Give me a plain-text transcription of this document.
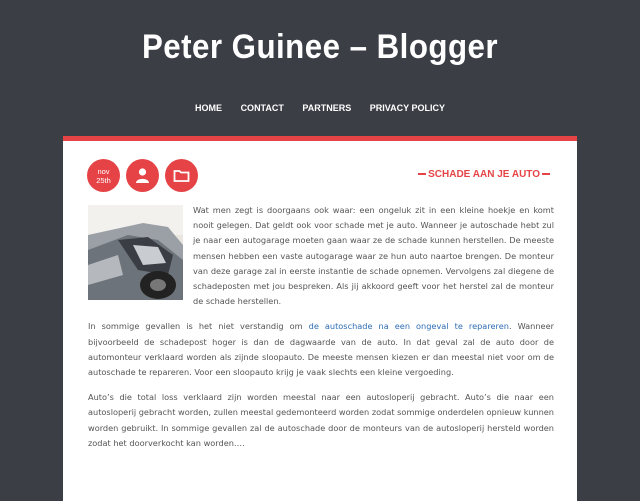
Peter Guinee – Blogger
HOME CONTACT PARTNERS PRIVACY POLICY
nov
25th
SCHADE AAN JE AUTO

Wat men zegt is doorgaans ook waar: een ongeluk zit in een kleine hoekje en komt nooit gelegen. Dat geldt ook voor schade met je auto. Wanneer je autoschade hebt zul je naar een autogarage moeten gaan waar ze de schade kunnen herstellen. De meeste mensen hebben een vaste autogarage waar ze hun auto naartoe brengen. De monteur van deze garage zal in eerste instantie de schade opnemen. Vervolgens zal diegene de schadeposten met jou bespreken. Als jij akkoord geeft voor het herstel zal de monteur de schade herstellen.

In sommige gevallen is het niet verstandig om de autoschade na een ongeval te repareren. Wanneer bijvoorbeeld de schadepost hoger is dan de dagwaarde van de auto. In dat geval zal de auto door de automonteur verklaard worden als zijnde sloopauto. De meeste mensen kiezen er dan meestal niet voor om de autoschade te repareren. Voor een sloopauto krijg je vaak slechts een kleine vergoeding.

Auto’s die total loss verklaard zijn worden meestal naar een autosloperij gebracht. Auto’s die naar een autosloperij gebracht worden, zullen meestal gedemonteerd worden zodat sommige onderdelen opnieuw kunnen worden gebruikt. In sommige gevallen zal de autoschade door de monteurs van de autosloperij hersteld worden zodat het doorverkocht kan worden….
